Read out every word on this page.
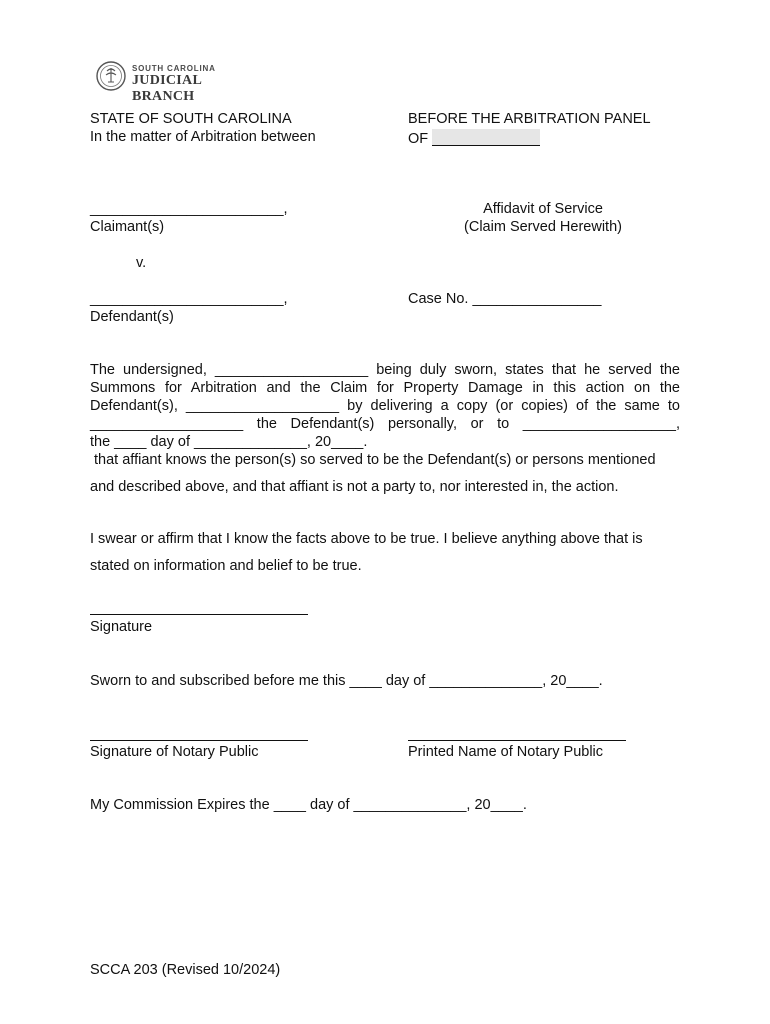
SOUTH CAROLINA
JUDICIAL BRANCH
STATE OF SOUTH CAROLINA
In the matter of Arbitration between
BEFORE THE ARBITRATION PANEL
OF
________________________,
Claimant(s)
v.
________________________,
Defendant(s)
Affidavit of Service
(Claim Served Herewith)
Case No. ________________
The undersigned, ___________________ being duly sworn, states that he served the
Summons for Arbitration and the Claim for Property Damage in this action on the
Defendant(s), ___________________ by delivering a copy (or copies) of the same to
___________________ the Defendant(s) personally, or to ___________________,
the ____ day of ______________, 20____.
that affiant knows the person(s) so served to be the Defendant(s) or persons mentioned
and described above, and that affiant is not a party to, nor interested in, the action.
I swear or affirm that I know the facts above to be true. I believe anything above that is
stated on information and belief to be true.
Signature
Sworn to and subscribed before me this ____ day of ______________, 20____.
Signature of Notary Public	Printed Name of Notary Public
My Commission Expires the ____ day of ______________, 20____.
SCCA 203 (Revised 10/2024)
